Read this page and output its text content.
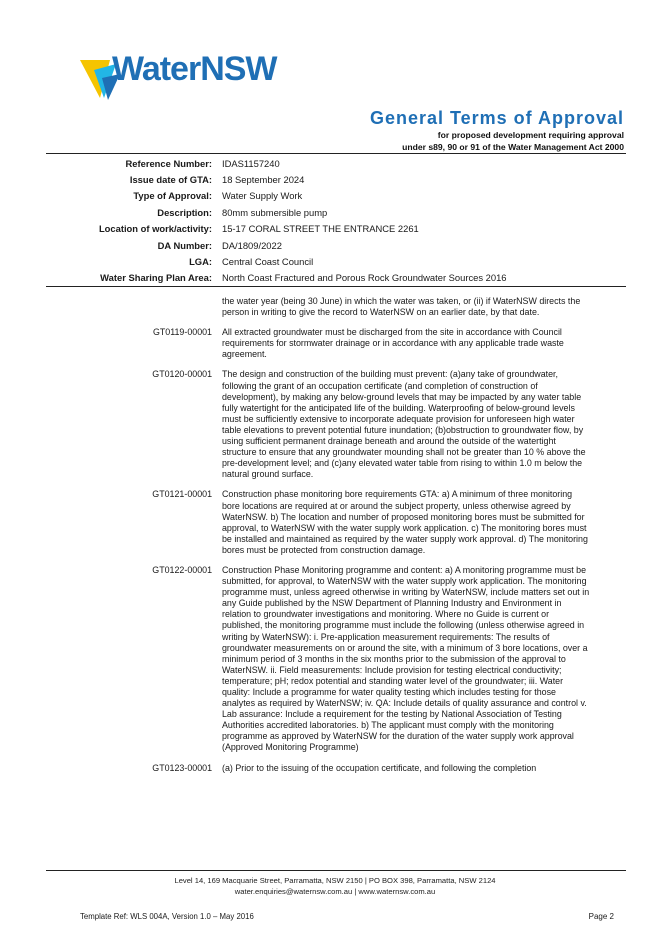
WaterNSW
General Terms of Approval
for proposed development requiring approval
under s89, 90 or 91 of the Water Management Act 2000
Reference Number:	IDAS1157240
Issue date of GTA:	18 September 2024
Type of Approval:	Water Supply Work
Description:	80mm submersible pump
Location of work/activity:	15-17 CORAL STREET THE ENTRANCE 2261
DA Number:	DA/1809/2022
LGA:	Central Coast Council
Water Sharing Plan Area:	North Coast Fractured and Porous Rock Groundwater Sources 2016
the water year (being 30 June) in which the water was taken, or (ii) if WaterNSW directs the person in writing to give the record to WaterNSW on an earlier date, by that date.
GT0119-00001	All extracted groundwater must be discharged from the site in accordance with Council requirements for stormwater drainage or in accordance with any applicable trade waste agreement.
GT0120-00001	The design and construction of the building must prevent: (a)any take of groundwater, following the grant of an occupation certificate (and completion of construction of development), by making any below-ground levels that may be impacted by any water table fully watertight for the anticipated life of the building. Waterproofing of below-ground levels must be sufficiently extensive to incorporate adequate provision for unforeseen high water table elevations to prevent potential future inundation; (b)obstruction to groundwater flow, by using sufficient permanent drainage beneath and around the outside of the watertight structure to ensure that any groundwater mounding shall not be greater than 10 % above the pre-development level; and (c)any elevated water table from rising to within 1.0 m below the natural ground surface.
GT0121-00001	Construction phase monitoring bore requirements GTA: a) A minimum of three monitoring bore locations are required at or around the subject property, unless otherwise agreed by WaterNSW. b) The location and number of proposed monitoring bores must be submitted for approval, to WaterNSW with the water supply work application. c) The monitoring bores must be installed and maintained as required by the water supply work approval. d) The monitoring bores must be protected from construction damage.
GT0122-00001	Construction Phase Monitoring programme and content: a) A monitoring programme must be submitted, for approval, to WaterNSW with the water supply work application. The monitoring programme must, unless agreed otherwise in writing by WaterNSW, include matters set out in any Guide published by the NSW Department of Planning Industry and Environment in relation to groundwater investigations and monitoring. Where no Guide is current or published, the monitoring programme must include the following (unless otherwise agreed in writing by WaterNSW): i. Pre-application measurement requirements: The results of groundwater measurements on or around the site, with a minimum of 3 bore locations, over a minimum period of 3 months in the six months prior to the submission of the approval to WaterNSW. ii. Field measurements: Include provision for testing electrical conductivity; temperature; pH; redox potential and standing water level of the groundwater; iii. Water quality: Include a programme for water quality testing which includes testing for those analytes as required by WaterNSW; iv. QA: Include details of quality assurance and control v. Lab assurance: Include a requirement for the testing by National Association of Testing Authorities accredited laboratories. b) The applicant must comply with the monitoring programme as approved by WaterNSW for the duration of the water supply work approval (Approved Monitoring Programme)
GT0123-00001	(a) Prior to the issuing of the occupation certificate, and following the completion
Level 14, 169 Macquarie Street, Parramatta, NSW 2150 | PO BOX 398, Parramatta, NSW 2124
water.enquiries@waternsw.com.au | www.waternsw.com.au
Template Ref: WLS 004A, Version 1.0 – May 2016	Page 2
